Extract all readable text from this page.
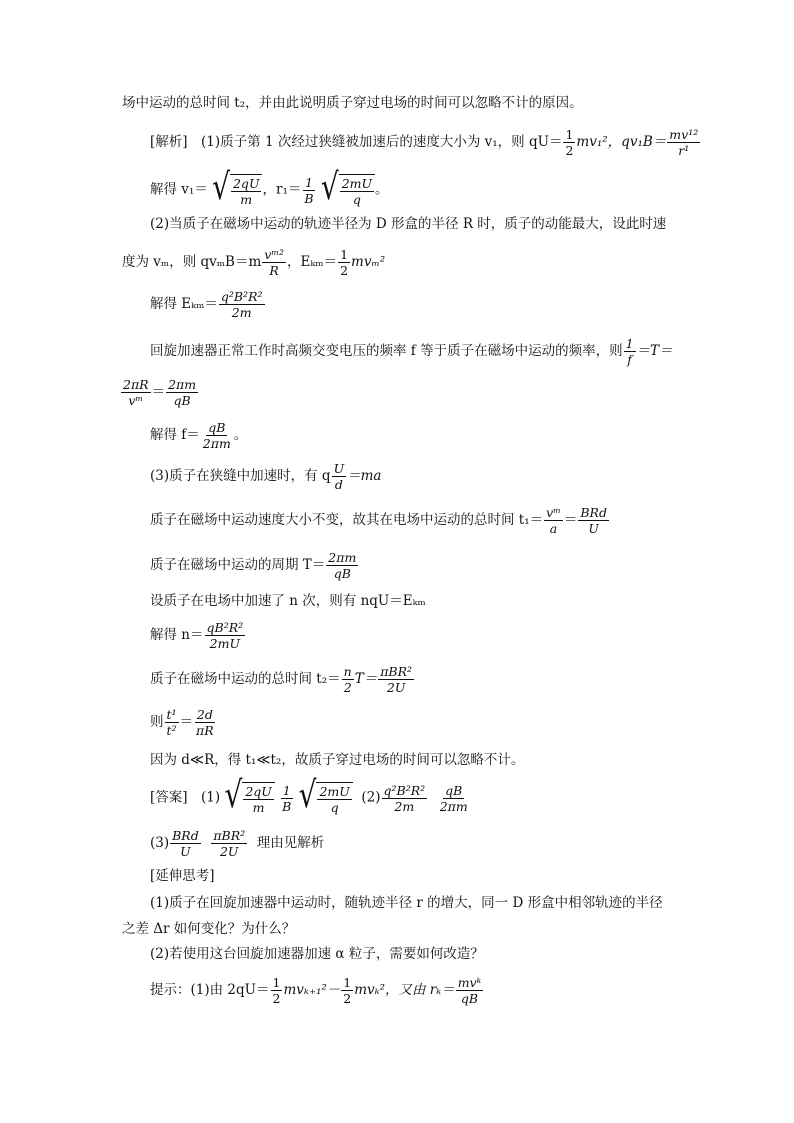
场中运动的总时间 t₂，并由此说明质子穿过电场的时间可以忽略不计的原因。
[解析]　(1)质子第 1 次经过狭缝被加速后的速度大小为 v₁，则 $qU= \frac{1}{2} mv_1^2$，$qv_1B= \frac{\text{mv¹²}}{\text{r¹}}$
解得 v₁＝ √ $\frac{2qU}{m}$ ，$r_1= \frac{1}{B}$
√ $\frac{2mU}{q}$ 。
(2)当质子在磁场中运动的轨迹半径为 D 形盒的半径 R 时，质子的动能最大，设此时速
度为 vₘ，则 $qv_mB=m \frac{\text{vᵐ²}}{R}$ ，$E_{km}= \frac{1}{2} mv_m^2$
解得 $E_{km}= \frac{\text{q²B²R²}}{2m}$
回旋加速器正常工作时高频交变电压的频率 f 等于质子在磁场中运动的频率，则 $\frac{1}{f} =T=$
$\frac{2\pi R}{\text{vᵐ}} = \frac{2\pi m}{qB}$
解得 $f= \frac{qB}{2\pi m}$ 。
(3)质子在狭缝中加速时，有 q $\frac{U}{d} =ma$
质子在磁场中运动速度大小不变，故其在电场中运动的总时间 $t_1= \frac{\text{vᵐ}}{a} = \frac{\text{BRd}}{U}$
质子在磁场中运动的周期 $T= \frac{2\pi m}{qB}$
设质子在电场中加速了 n 次，则有 nqU＝Eₖₘ
解得 $n= \frac{\text{qB²R²}}{2mU}$
质子在磁场中运动的总时间 $t_2= \frac{n}{2} T= \frac{\text{πBR²}}{2U}$
则 $\frac{\text{t¹}}{\text{t²}} = \frac{2d}{\pi R}$
因为 d≪R，得 t₁≪t₂，故质子穿过电场的时间可以忽略不计。
[答案]　(1) √ $\frac{2qU}{m}$
$\frac{1}{B}$
√ $\frac{2mU}{q} (2) \frac{\text{q²B²R²}}{2m}$
$\frac{qB}{2\pi m}$
$(3) \frac{\text{BRd}}{U}$
$\frac{\text{πBR²}}{2U}$ 理由见解析
[延伸思考]
(1)质子在回旋加速器中运动时，随轨迹半径 r 的增大，同一 D 形盒中相邻轨迹的半径
之差 Δr 如何变化？为什么？
(2)若使用这台回旋加速器加速 α 粒子，需要如何改造？
提示：(1)由 $2qU= \frac{1}{2} mv_{k+1}^2- \frac{1}{2} mv_k^2$，又由 $r_k= \frac{\text{mvᵏ}}{qB}$
